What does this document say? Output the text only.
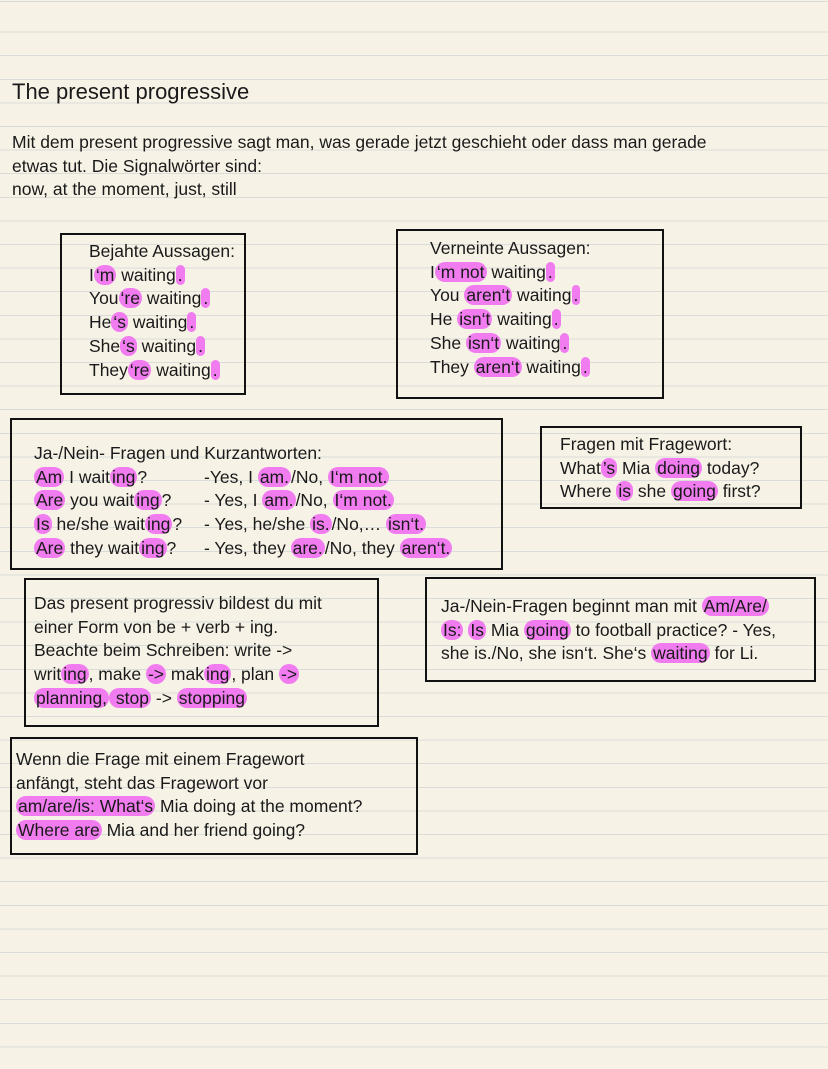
The present progressive
Mit dem present progressive sagt man, was gerade jetzt geschieht oder dass man gerade
etwas tut. Die Signalwörter sind:
now, at the moment, just, still
Bejahte Aussagen:
I ‘m waiting .
You ‘re waiting .
He ‘s waiting .
She ‘s waiting .
They ‘re waiting .
Verneinte Aussagen:
I ‘m not waiting .
You aren‘t waiting .
He isn‘t waiting .
She isn‘t waiting .
They aren‘t waiting .
Ja-/Nein- Fragen und Kurzantworten:
Am I wait ing ?	-Yes, I am. /No, I‘m not.
Are you wait ing ? - Yes, I am. /No, I‘m not.
Is he/she wait ing ? - Yes, he/she is. /No,… isn‘t.
Are they wait ing ? - Yes, they are. /No, they aren‘t.
Fragen mit Fragewort:
What ’s Mia doing today?
Where is she going first?
Das present progressiv bildest du mit
einer Form von be + verb + ing.
Beachte beim Schreiben: write ->
writ ing , make -> mak ing , plan ->
planning, stop -> stopping
Ja-/Nein-Fragen beginnt man mit Am/Are/
Is: Is Mia going to football practice? - Yes,
she is./No, she isn‘t. She‘s waiting for Li.
Wenn die Frage mit einem Fragewort
anfängt, steht das Fragewort vor
am/are/is: What‘s Mia doing at the moment?
Where are Mia and her friend going?
